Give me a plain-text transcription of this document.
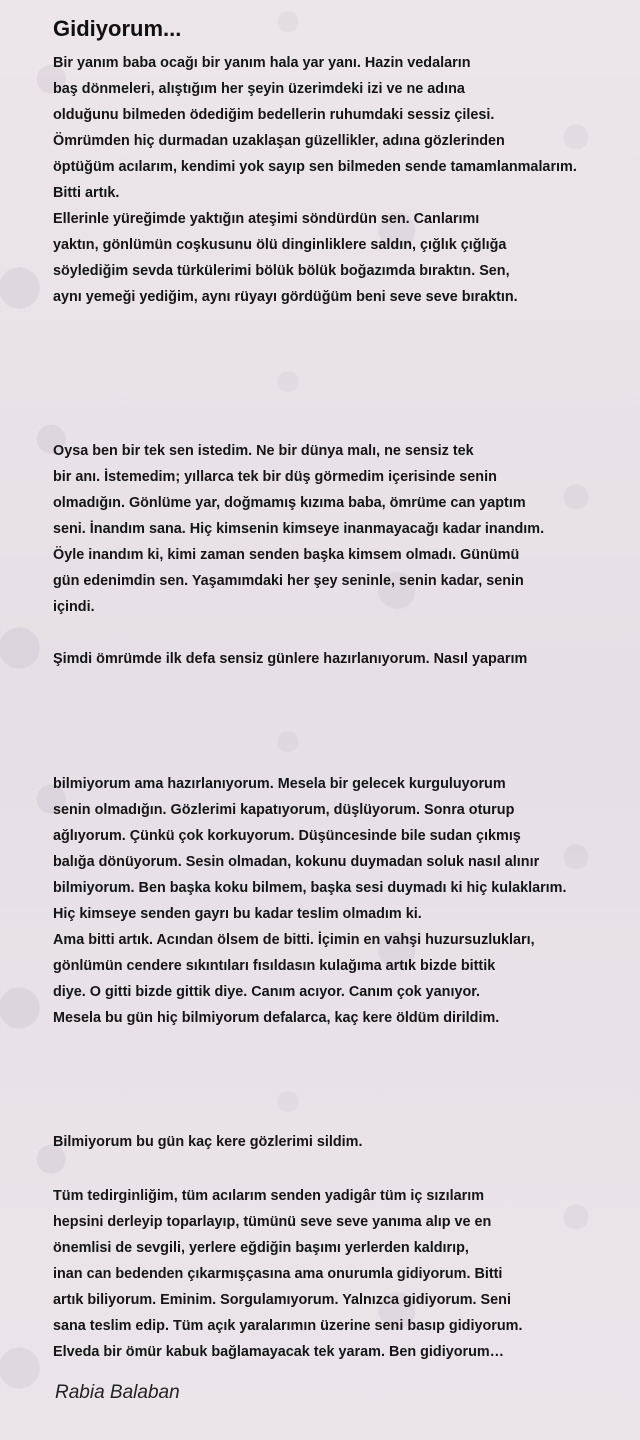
Gidiyorum...
Bir yanım baba ocağı bir yanım hala yar yanı. Hazin vedaların
baş dönmeleri, alıştığım her şeyin üzerimdeki izi ve ne adına
olduğunu bilmeden ödediğim bedellerin ruhumdaki sessiz çilesi.
Ömrümden hiç durmadan uzaklaşan güzellikler, adına gözlerinden
öptüğüm acılarım, kendimi yok sayıp sen bilmeden sende tamamlanmalarım.
Bitti artık.
Ellerinle yüreğimde yaktığın ateşimi söndürdün sen. Canlarımı
yaktın, gönlümün coşkusunu ölü dinginliklere saldın, çığlık çığlığa
söylediğim sevda türkülerimi bölük bölük boğazımda bıraktın. Sen,
aynı yemeği yediğim, aynı rüyayı gördüğüm beni seve seve bıraktın.
Oysa ben bir tek sen istedim. Ne bir dünya malı, ne sensiz tek
bir anı. İstemedim; yıllarca tek bir düş görmedim içerisinde senin
olmadığın. Gönlüme yar, doğmamış kızıma baba, ömrüme can yaptım
seni. İnandım sana. Hiç kimsenin kimseye inanmayacağı kadar inandım.
Öyle inandım ki, kimi zaman senden başka kimsem olmadı. Günümü
gün edenimdin sen. Yaşamımdaki her şey seninle, senin kadar, senin
içindi.
Şimdi ömrümde ilk defa sensiz günlere hazırlanıyorum. Nasıl yaparım
bilmiyorum ama hazırlanıyorum. Mesela bir gelecek kurguluyorum
senin olmadığın. Gözlerimi kapatıyorum, düşlüyorum. Sonra oturup
ağlıyorum. Çünkü çok korkuyorum. Düşüncesinde bile sudan çıkmış
balığa dönüyorum. Sesin olmadan, kokunu duymadan soluk nasıl alınır
bilmiyorum. Ben başka koku bilmem, başka sesi duymadı ki hiç kulaklarım.
Hiç kimseye senden gayrı bu kadar teslim olmadım ki.
Ama bitti artık. Acından ölsem de bitti. İçimin en vahşi huzursuzlukları,
gönlümün cendere sıkıntıları fısıldasın kulağıma artık bizde bittik
diye. O gitti bizde gittik diye. Canım acıyor. Canım çok yanıyor.
Mesela bu gün hiç bilmiyorum defalarca, kaç kere öldüm dirildim.
Bilmiyorum bu gün kaç kere gözlerimi sildim.
Tüm tedirginliğim, tüm acılarım senden yadigâr tüm iç sızılarım
hepsini derleyip toparlayıp, tümünü seve seve yanıma alıp ve en
önemlisi de sevgili, yerlere eğdiğin başımı yerlerden kaldırıp,
inan can bedenden çıkarmışçasına ama onurumla gidiyorum. Bitti
artık biliyorum. Eminim. Sorgulamıyorum. Yalnızca gidiyorum. Seni
sana teslim edip. Tüm açık yaralarımın üzerine seni basıp gidiyorum.
Elveda bir ömür kabuk bağlamayacak tek yaram. Ben gidiyorum…

Rabia Balaban
